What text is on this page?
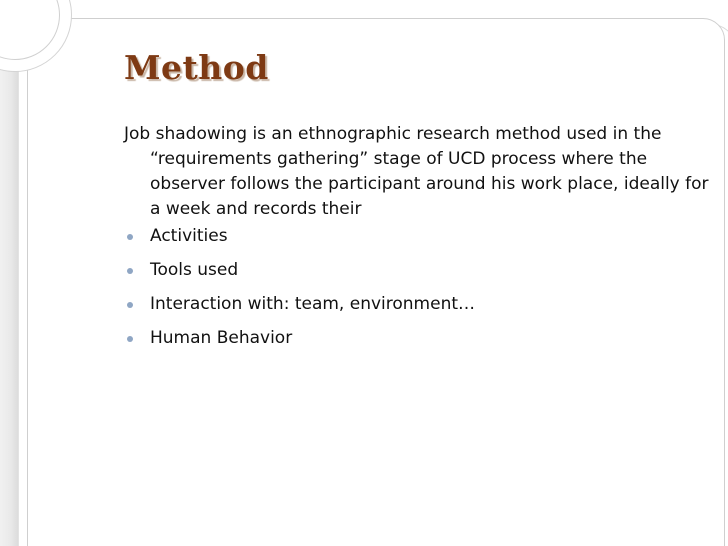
Method

Job shadowing is an ethnographic research method used in the “requirements gathering” stage of UCD process where the observer follows the participant around his work place, ideally for a week and records their

Activities
Tools used
Interaction with: team, environment…
Human Behavior
